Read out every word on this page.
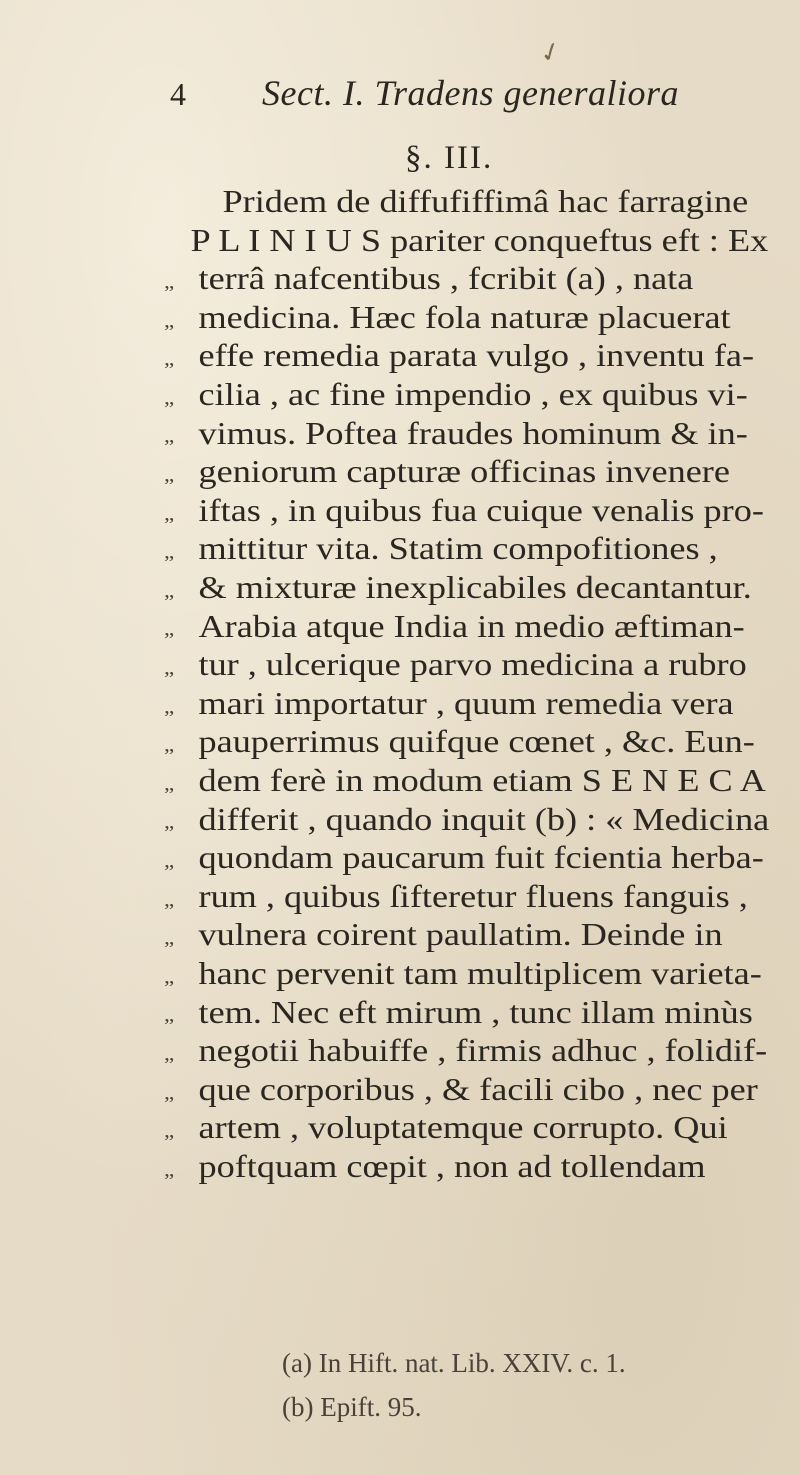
4 Sect. I. Tradens generaliora
✓
§. III.
Pridem de diffufiffimâ hac farragine
P L I N I U S pariter conqueftus eft : Ex
„ terrâ nafcentibus , fcribit (a) , nata
„ medicina. Hæc fola naturæ placuerat
„ effe remedia parata vulgo , inventu fa-
„ cilia , ac fine impendio , ex quibus vi-
„ vimus. Poftea fraudes hominum & in-
„ geniorum capturæ officinas invenere
„ iftas , in quibus fua cuique venalis pro-
„ mittitur vita. Statim compofitiones ,
„ & mixturæ inexplicabiles decantantur.
„ Arabia atque India in medio æftiman-
„ tur , ulcerique parvo medicina a rubro
„ mari importatur , quum remedia vera
„ pauperrimus quifque cœnet , &c. Eun-
„ dem ferè in modum etiam S E N E C A
„ differit , quando inquit (b) : « Medicina
„ quondam paucarum fuit fcientia herba-
„ rum , quibus ſifteretur fluens fanguis ,
„ vulnera coirent paullatim. Deinde in
„ hanc pervenit tam multiplicem varieta-
„ tem. Nec eft mirum , tunc illam minùs
„ negotii habuiffe , firmis adhuc , folidif-
„ que corporibus , & facili cibo , nec per
„ artem , voluptatemque corrupto. Qui
„ poftquam cœpit , non ad tollendam
(a) In Hift. nat. Lib. XXIV. c. 1.
(b) Epift. 95.
